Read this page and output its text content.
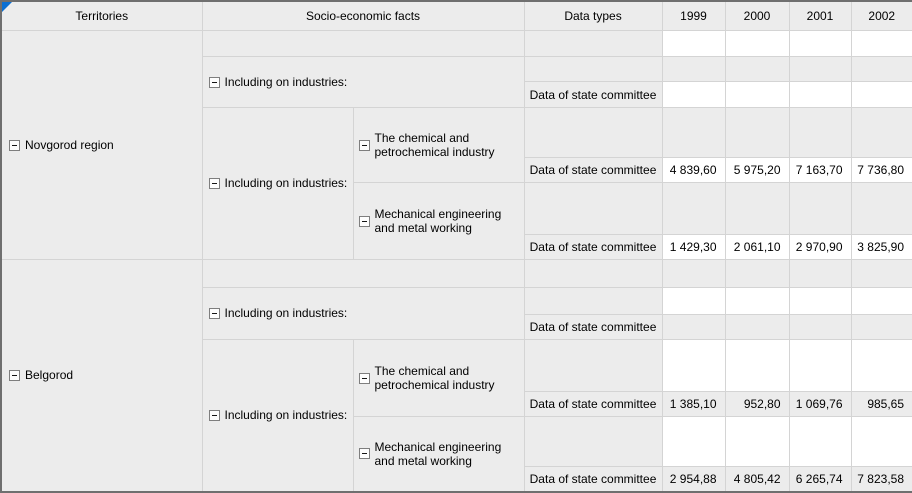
Territories	Socio-economic facts		Data types	1999	2000	2001	2002

Novgorod region							

	Including on industries:						

			Data of state committee				

	Including on industries:	The chemical and petrochemical industry					

			Data of state committee	4 839,60	5 975,20	7 163,70	7 736,80

		Mechanical engineering and metal working					

			Data of state committee	1 429,30	2 061,10	2 970,90	3 825,90

Belgorod							

	Including on industries:						

			Data of state committee				

	Including on industries:	The chemical and petrochemical industry					

			Data of state committee	1 385,10	952,80	1 069,76	985,65

		Mechanical engineering and metal working					

			Data of state committee	2 954,88	4 805,42	6 265,74	7 823,58
